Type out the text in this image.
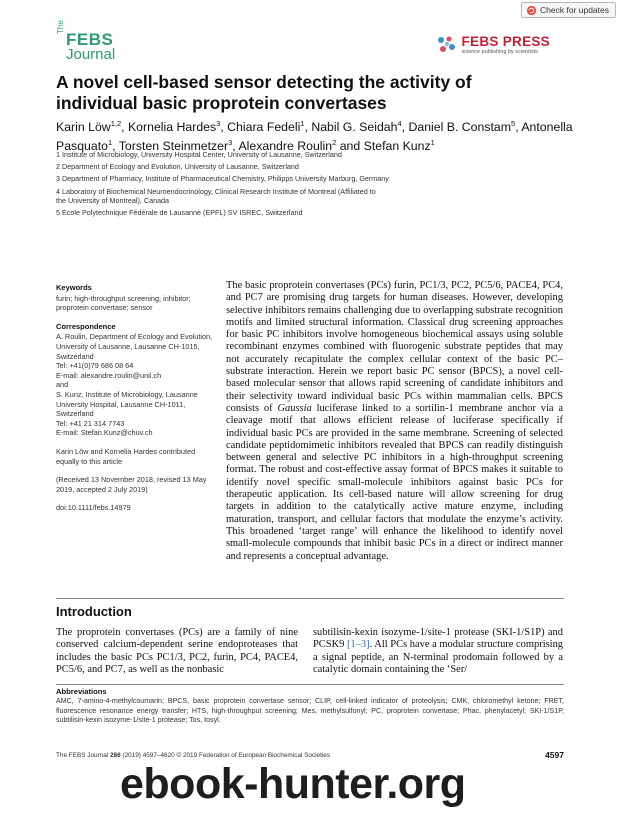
Check for updates
The
FEBS
Journal
FEBS PRESS
science publishing by scientists
A novel cell-based sensor detecting the activity of individual basic proprotein convertases
Karin Löw$^{1,2}$, Kornelia Hardes$^3$, Chiara Fedeli$^1$, Nabil G. Seidah$^4$, Daniel B. Constam$^5$, Antonella Pasquato$^1$, Torsten Steinmetzer$^3$, Alexandre Roulin$^2$ and Stefan Kunz$^1$
1 Institute of Microbiology, University Hospital Center, University of Lausanne, Switzerland
2 Department of Ecology and Evolution, University of Lausanne, Switzerland
3 Department of Pharmacy, Institute of Pharmaceutical Chemistry, Philipps University Marburg, Germany
4 Laboratory of Biochemical Neuroendocrinology, Clinical Research Institute of Montreal (Affiliated to
the University of Montreal), Canada
5 Ecole Polytechnique Fédérale de Lausanne (EPFL) SV ISREC, Switzerland
Keywords
furin; high-throughput screening; inhibitor; proprotein convertase; sensor
Correspondence
A. Roulin, Department of Ecology and Evolution, University of Lausanne, Lausanne CH-1015, Switzerland
Tel: +41(0)79 686 08 64
E-mail: alexandre.roulin@unil.ch
and
S. Kunz, Institute of Microbiology, Lausanne University Hospital, Lausanne CH-1011, Switzerland
Tel: +41 21 314 7743
E-mail: Stefan.Kunz@chuv.ch
Karin Löw and Kornelia Hardes contributed equally to this article
(Received 13 November 2018, revised 13 May 2019, accepted 2 July 2019)
doi:10.1111/febs.14979
The basic proprotein convertases (PCs) furin, PC1/3, PC2, PC5/6, PACE4, PC4, and PC7 are promising drug targets for human diseases. However, developing selective inhibitors remains challenging due to overlapping substrate recognition motifs and limited structural information. Classical drug screening approaches for basic PC inhibitors involve homogeneous biochemical assays using soluble recombinant enzymes combined with fluorogenic substrate peptides that may not accurately recapitulate the complex cellular context of the basic PC–substrate interaction. Herein we report basic PC sensor (BPCS), a novel cell-based molecular sensor that allows rapid screening of candidate inhibitors and their selectivity toward individual basic PCs within mammalian cells. BPCS consists of Gaussia luciferase linked to a sortilin-1 membrane anchor via a cleavage motif that allows efficient release of luciferase specifically if individual basic PCs are provided in the same membrane. Screening of selected candidate peptidomimetic inhibitors revealed that BPCS can readily distinguish between general and selective PC inhibitors in a high-throughput screening format. The robust and cost-effective assay format of BPCS makes it suitable to identify novel specific small-molecule inhibitors against basic PCs for therapeutic application. Its cell-based nature will allow screening for drug targets in addition to the catalytically active mature enzyme, including maturation, transport, and cellular factors that modulate the enzyme’s activity. This broadened ‘target range’ will enhance the likelihood to identify novel small-molecule compounds that inhibit basic PCs in a direct or indirect manner and represents a conceptual advantage.
Introduction
The proprotein convertases (PCs) are a family of nine conserved calcium-dependent serine endoproteases that includes the basic PCs PC1/3, PC2, furin, PC4, PACE4, PC5/6, and PC7, as well as the nonbasic
subtilisin-kexin isozyme-1/site-1 protease (SKI-1/S1P) and PCSK9 [1–3]. All PCs have a modular structure comprising a signal peptide, an N-terminal prodomain followed by a catalytic domain containing the ‘Ser/
Abbreviations
AMC, 7-amino-4-methylcoumarin; BPCS, basic proprotein convertase sensor; CLIP, cell-linked indicator of proteolysis; CMK, chloromethyl ketone; FRET, fluorescence resonance energy transfer; HTS, high-throughput screening; Mes, methylsulfonyl; PC, proprotein convertase; Phac, phenylacetyl; SKI-1/S1P, subtilisin-kexin isozyme-1/site-1 protease; Tos, tosyl.
The FEBS Journal 286 (2019) 4597–4620 © 2019 Federation of European Biochemical Societies	4597
ebook-hunter.org
